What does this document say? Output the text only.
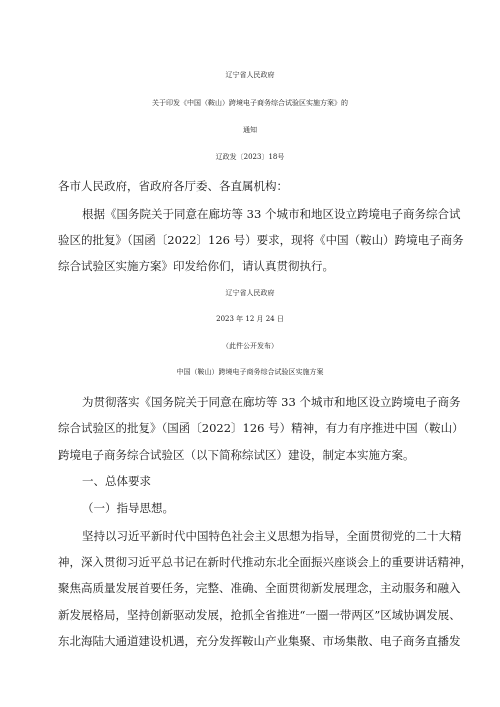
辽宁省人民政府
关于印发《中国（鞍山）跨境电子商务综合试验区实施方案》的
通知
辽政发〔2023〕18号
各市人民政府，省政府各厅委、各直属机构：
根据《国务院关于同意在廊坊等 33 个城市和地区设立跨境电子商务综合试
验区的批复》（国函〔2022〕126 号）要求，现将《中国（鞍山）跨境电子商务
综合试验区实施方案》印发给你们，请认真贯彻执行。
辽宁省人民政府
2023 年 12 月 24 日
（此件公开发布）
中国（鞍山）跨境电子商务综合试验区实施方案
为贯彻落实《国务院关于同意在廊坊等 33 个城市和地区设立跨境电子商务
综合试验区的批复》（国函〔2022〕126 号）精神，有力有序推进中国（鞍山）
跨境电子商务综合试验区（以下简称综试区）建设，制定本实施方案。
一、总体要求
（一）指导思想。
坚持以习近平新时代中国特色社会主义思想为指导，全面贯彻党的二十大精
神，深入贯彻习近平总书记在新时代推动东北全面振兴座谈会上的重要讲话精神，
聚焦高质量发展首要任务，完整、准确、全面贯彻新发展理念，主动服务和融入
新发展格局，坚持创新驱动发展，抢抓全省推进“一圈一带两区”区域协调发展、
东北海陆大通道建设机遇，充分发挥鞍山产业集聚、市场集散、电子商务直播发
